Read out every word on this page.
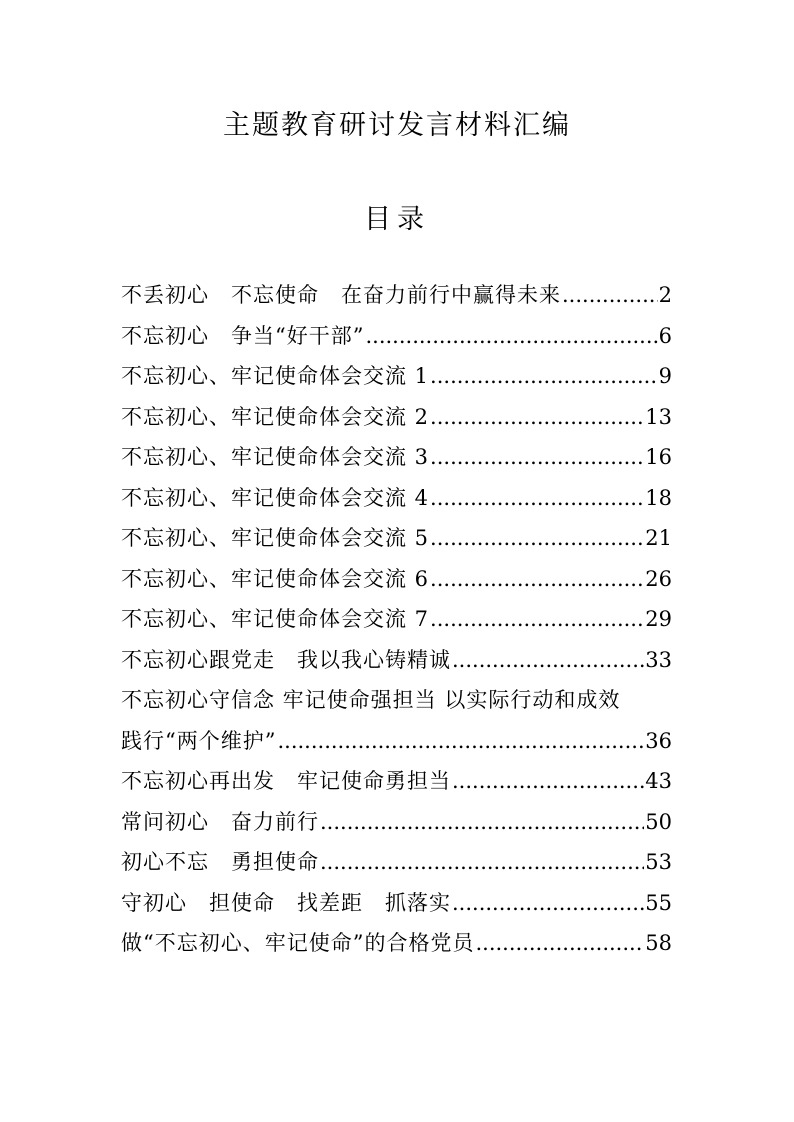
主题教育研讨发言材料汇编
目录
不丢初心　不忘使命　在奋力前行中赢得未来 .....	2
不忘初心　争当“好干部” .....	6
不忘初心、牢记使命体会交流 1 .....	9
不忘初心、牢记使命体会交流 2 .....	13
不忘初心、牢记使命体会交流 3 .....	16
不忘初心、牢记使命体会交流 4 .....	18
不忘初心、牢记使命体会交流 5 .....	21
不忘初心、牢记使命体会交流 6 .....	26
不忘初心、牢记使命体会交流 7 .....	29
不忘初心跟党走　我以我心铸精诚 .....	33
不忘初心守信念 牢记使命强担当 以实际行动和成效
践行“两个维护” .....	36
不忘初心再出发　牢记使命勇担当 .....	43
常问初心　奋力前行 .....	50
初心不忘　勇担使命 .....	53
守初心　担使命　找差距　抓落实 .....	55
做“不忘初心、牢记使命”的合格党员 .....	58
